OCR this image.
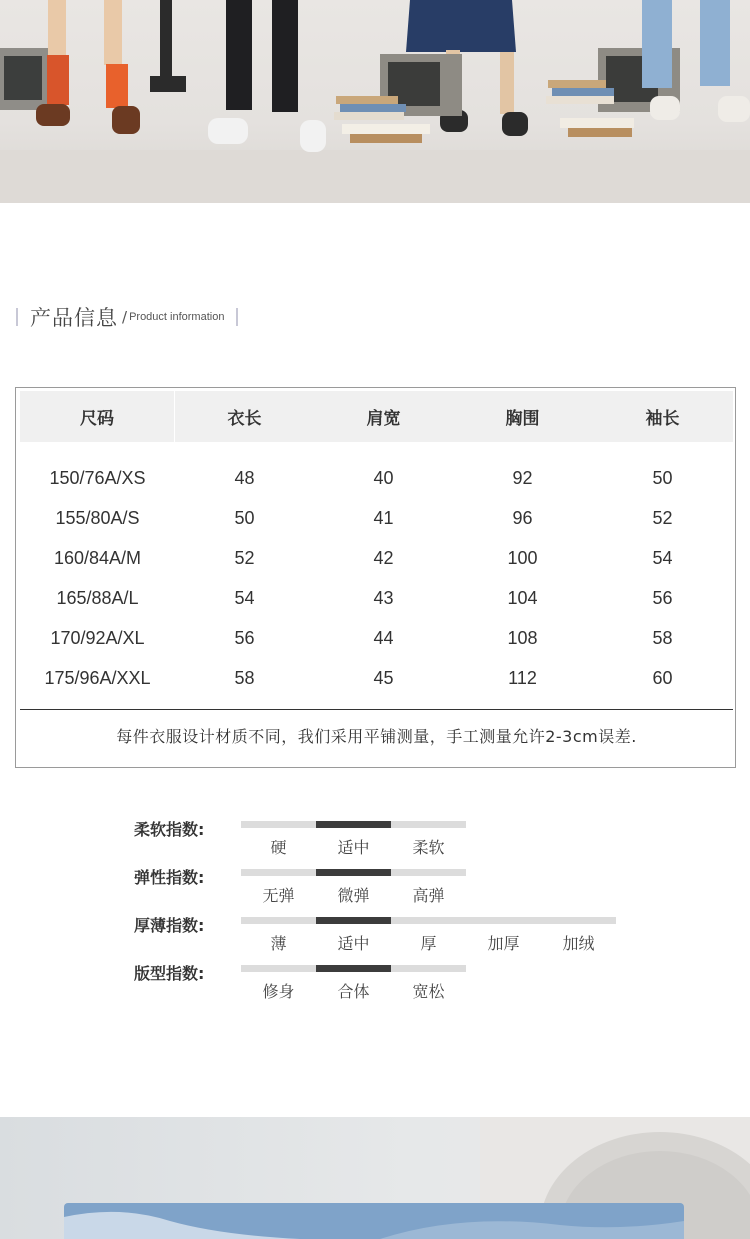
产品信息 / Product information
尺码	衣长	肩宽	胸围	袖长
150/76A/XS	48	40	92	50
155/80A/S	50	41	96	52
160/84A/M	52	42	100	54
165/88A/L	54	43	104	56
170/92A/XL	56	44	108	58
175/96A/XXL	58	45	112	60
每件衣服设计材质不同，我们采用平铺测量，手工测量允许2-3cm误差.
柔软指数:
硬	适中	柔软
弹性指数:
无弹	微弹	高弹
厚薄指数:
薄	适中	厚	加厚	加绒
版型指数:
修身	合体	宽松
